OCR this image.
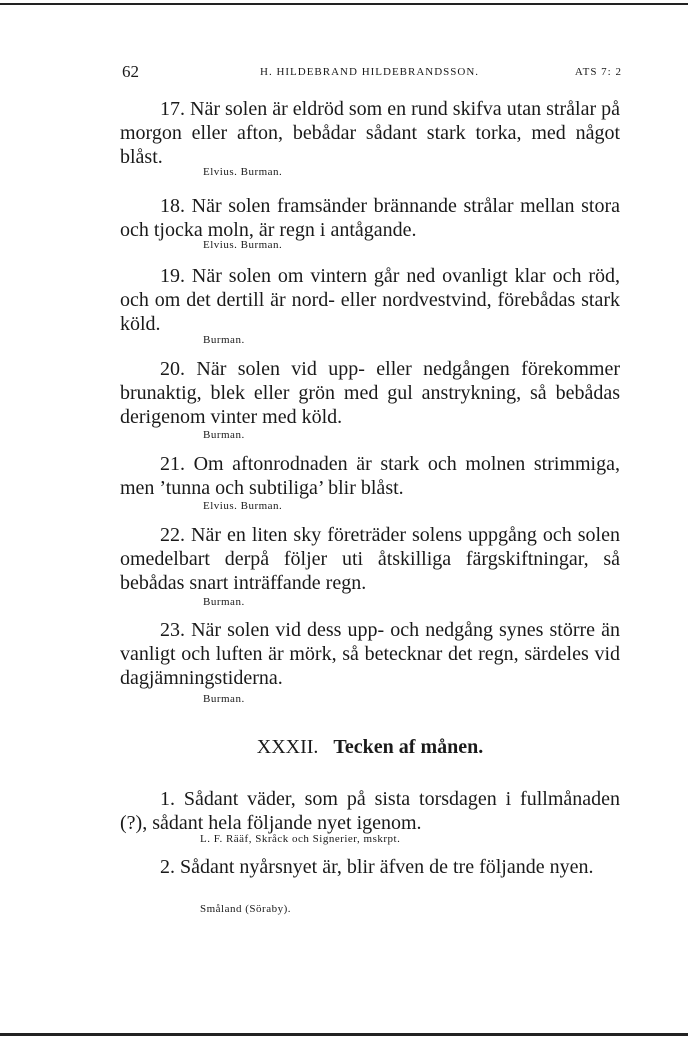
62	H. HILDEBRAND HILDEBRANDSSON.	ATS 7: 2
17. När solen är eldröd som en rund skifva utan strålar på morgon eller afton, bebådar sådant stark torka, med något blåst.
Elvius. Burman.
18. När solen framsänder brännande strålar mellan stora och tjocka moln, är regn i antågande.
Elvius. Burman.
19. När solen om vintern går ned ovanligt klar och röd, och om det dertill är nord- eller nordvestvind, förebådas stark köld.
Burman.
20. När solen vid upp- eller nedgången förekommer brunaktig, blek eller grön med gul anstrykning, så bebådas derigenom vinter med köld.
Burman.
21. Om aftonrodnaden är stark och molnen strimmiga, men ’tunna och subtiliga’ blir blåst.
Elvius. Burman.
22. När en liten sky företräder solens uppgång och solen omedelbart derpå följer uti åtskilliga färgskiftningar, så bebådas snart inträffande regn.
Burman.
23. När solen vid dess upp- och nedgång synes större än vanligt och luften är mörk, så betecknar det regn, särdeles vid dagjämningstiderna.
Burman.
XXXII. Tecken af månen.
1. Sådant väder, som på sista torsdagen i fullmånaden (?), sådant hela följande nyet igenom.
L. F. Rääf, Skråck och Signerier, mskrpt.
2. Sådant nyårsnyet är, blir äfven de tre följande nyen.
Småland (Söraby).
